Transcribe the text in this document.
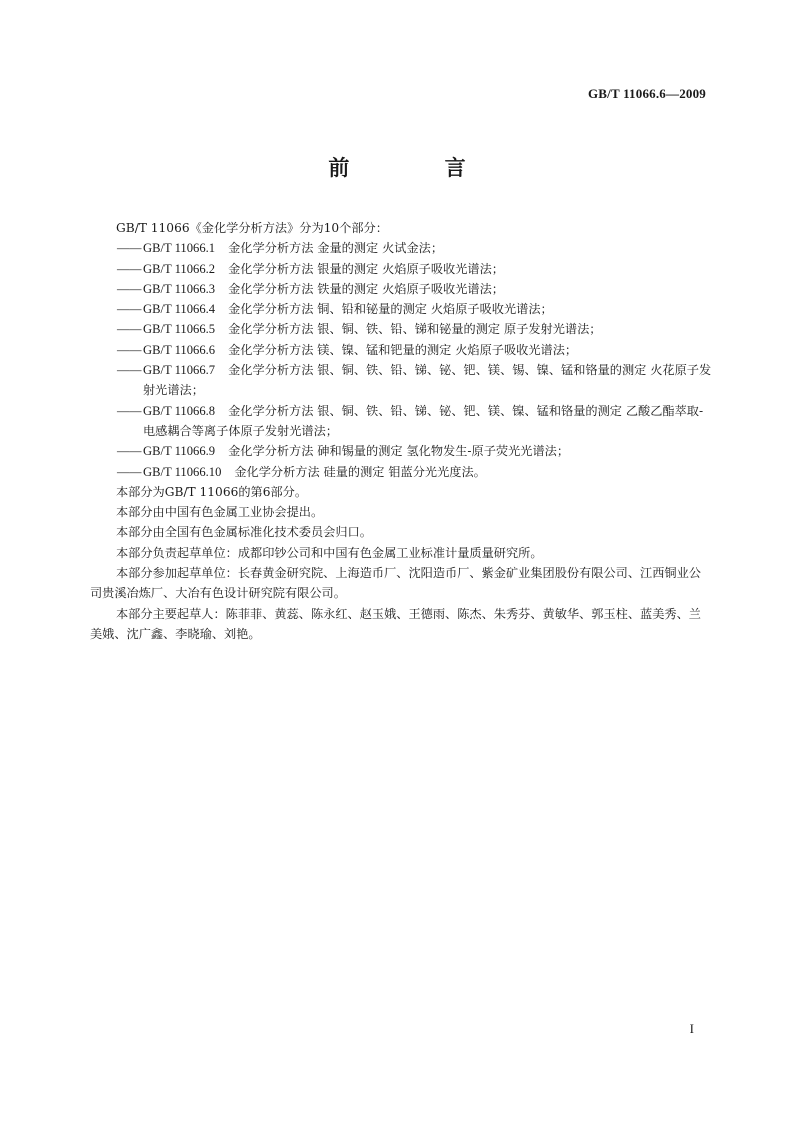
GB/T 11066.6—2009
前 言

GB/T 11066《金化学分析方法》分为10个部分：

—— GB/T 11066.1 金化学分析方法 金量的测定 火试金法；
—— GB/T 11066.2 金化学分析方法 银量的测定 火焰原子吸收光谱法；
—— GB/T 11066.3 金化学分析方法 铁量的测定 火焰原子吸收光谱法；
—— GB/T 11066.4 金化学分析方法 铜、铅和铋量的测定 火焰原子吸收光谱法；
—— GB/T 11066.5 金化学分析方法 银、铜、铁、铅、锑和铋量的测定 原子发射光谱法；
—— GB/T 11066.6 金化学分析方法 镁、镍、锰和钯量的测定 火焰原子吸收光谱法；
—— GB/T 11066.7 金化学分析方法 银、铜、铁、铅、锑、铋、钯、镁、锡、镍、锰和铬量的测定 火花原子发射光谱法；
—— GB/T 11066.8 金化学分析方法 银、铜、铁、铅、锑、铋、钯、镁、镍、锰和铬量的测定 乙酸乙酯萃取-电感耦合等离子体原子发射光谱法；
—— GB/T 11066.9 金化学分析方法 砷和锡量的测定 氢化物发生-原子荧光光谱法；
—— GB/T 11066.10 金化学分析方法 硅量的测定 钼蓝分光光度法。

本部分为GB/T 11066的第6部分。

本部分由中国有色金属工业协会提出。

本部分由全国有色金属标准化技术委员会归口。

本部分负责起草单位：成都印钞公司和中国有色金属工业标准计量质量研究所。

本部分参加起草单位：长春黄金研究院、上海造币厂、沈阳造币厂、紫金矿业集团股份有限公司、江西铜业公司贵溪冶炼厂、大冶有色设计研究院有限公司。

本部分主要起草人：陈菲菲、黄蕊、陈永红、赵玉娥、王德雨、陈杰、朱秀芬、黄敏华、郭玉柱、蓝美秀、兰美娥、沈广鑫、李晓瑜、刘艳。

I
